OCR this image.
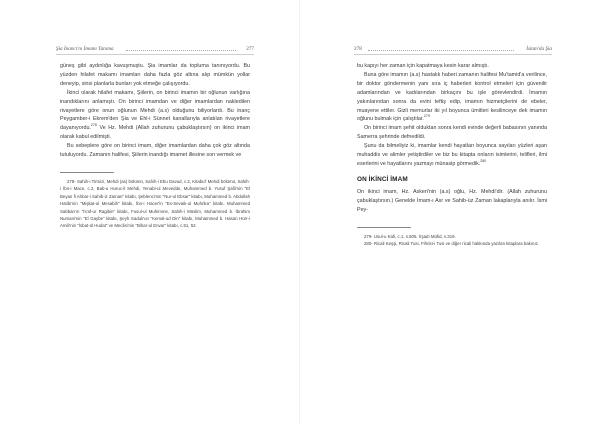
Şia İnancı'nı İmamı Tanıma	277

güneş gibi aydınlığa kavuşmuştu. Şia imamlar da topluma tanınıyordu. Bu yüzden hilafet makamı imamları daha fazla göz altına alıp mümkün yollar deneyip, sinsi planlarla bunları yok etmeğe çalışıyordu.

İkinci olarak hilafet makamı, Şiilerin, on birinci imamın bir oğlunun varlığına inandıklarını anlamıştı. On birinci imamdan ve diğer imamlardan nakledilen rivayetlere göre onun oğlunun Mehdi (a.s) olduğunu biliyorlardı. Bu inanç Peygamber-i Ekrem'den Şia ve Ehl-i Sünnet kanallarıyla anlatılan rivayetlere dayanıyordu.$^{278}$ Ve Hz. Mehdi (Allah zuhurunu çabuklaştırsın) on ikinci imam olarak kabul edilmişti.

Bu sebeplere göre on birinci imam, diğer imamlardan daha çok göz altında tutuluyordu. Zamanın halifesi, Şiilerin inandığı imamet illesine son vermek ve

278- Sahih-i Tirmizi, Mehdi (as) bölümü, Sahih-i Ebu Davud, c.2, Kitabu'l Mehdi bölümü, Sahih-i İbn-i Mace, c.2, Bab-u Huruc-il Mehdi, Yenabi-ul Mevedde, Muhammed b. Yusuf Şafii'nin "El Beyan fi Ahbar-i Sahib-iz Zaman" kitabı, Şeblenci'nin "Nur-ul Ebsar" kitabı, Muhammed b. Abdullah Hatibi'nin "Mişkat-ul Mesabih" kitabı, İbn-i Hacer'in "Es-Sevaik-ul Muhrika" kitabı, Muhammed Sabban'ın "İs'af-ur Ragibin" kitabı, Fusul-ul Muhimme, Sahih-i Müslim, Muhammed b. İbrahim Numani'nin "El Gaybe" kitabı, Şeyh Saduk'un "Kemal-ud Din" kitabı, Muhammed b. Hasan Hürr-i Amili'nin "İsbat-ül Hudat" ve Meclisi'nin "Bihar-ul Envar" kitabı, c.51, 52.

278	İslam'da Şia

bu kapıyı her zaman için kapatmaya kesin karar almıştı.

Buna göre imamın (a.s) hastalık haberi zamanın halifesi Mu'tamid'a verilince, bir doktor göndermenin yanı sıra iç haberleri kontrol etmeleri için güvenilir adamlarından ve kadılarından birkaçını bu işle görevlendirdi. İmamın yakınlarından sonra da evini teftiş edip, imamın hizmetçilerini de ebeler, muayene ettiler. Gizli memurlar iki yıl boyunca ümitleri kesilinceye dek imamın oğlunu bulmak için çalıştılar.$^{279}$

On birinci imam şehit olduktan sonra kendi evinde değerli babasının yanında Samerra şehrinde defnedildi.

Şunu da bilmeliyiz ki, imamlar kendi hayatları boyunca sayıları yüzleri aşan muhaddis ve alimler yetiştirdiler ve biz bu kitapta onların isimlerini, telifleri, ilmi eserlerini ve hayatlarını yazmayı münasip görmedik.$^{280}$

ON İKİNCİ İMAM

On ikinci imam, Hz. Askeri'nin (a.s) oğlu, Hz. Mehdi'dir. (Allah zuhurunu çabuklaştırsın.) Genelde İmam-ı Asr ve Sahib-üz Zaman lakaplarıyla anılır. İsmi Pey-

279- Usul-u Kafi, c.1, s.505. İrşadı Müfid, s.319.

280- Ricali Keşşi, Ricali Tusi, Fihrist-i Tusi ve diğer ricali hakkında yazılan kitaplara bakınız.
